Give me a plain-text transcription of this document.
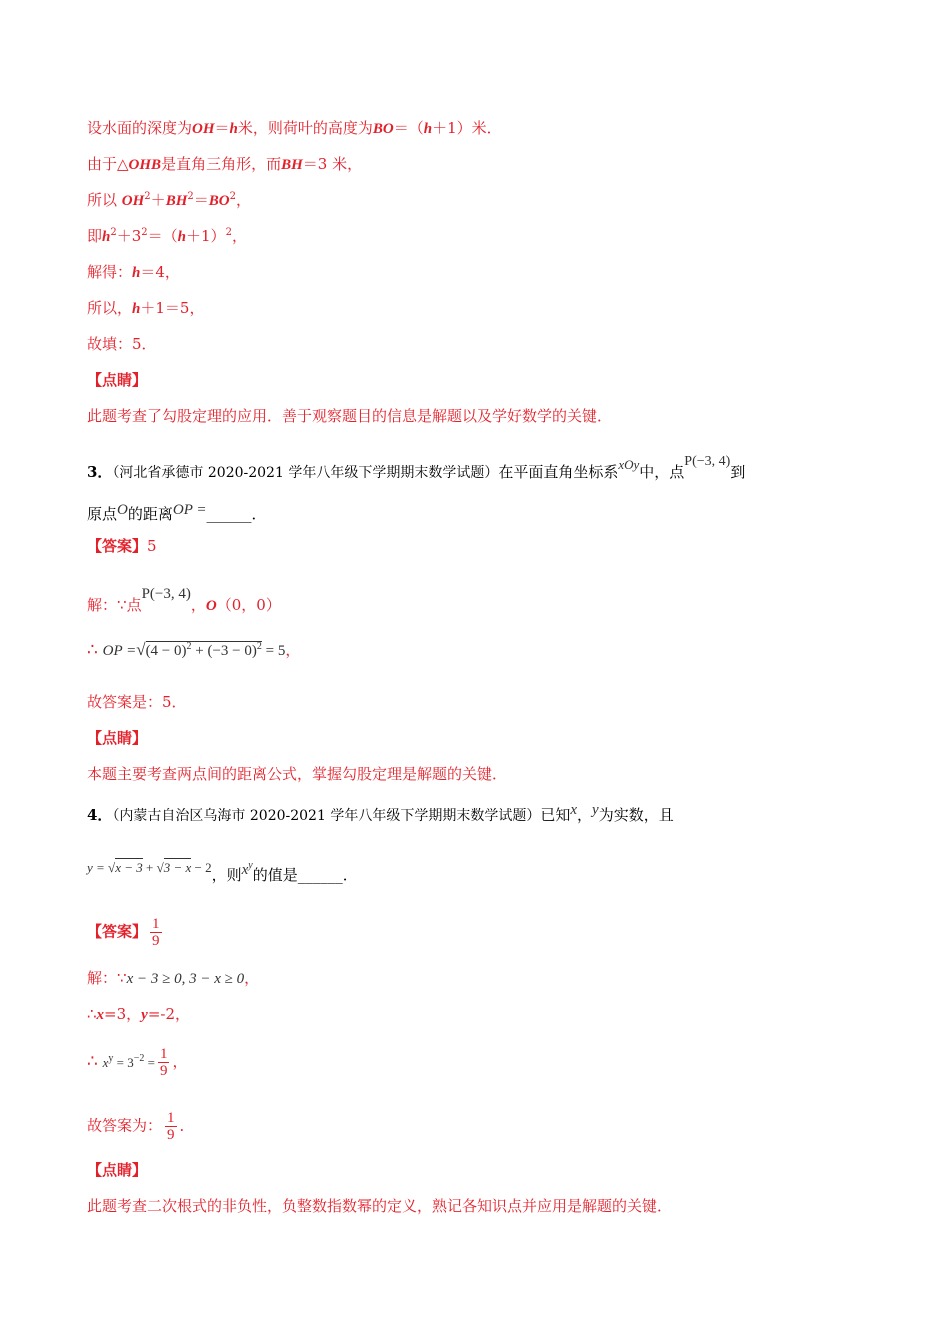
设水面的深度为OH＝h米，则荷叶的高度为BO＝（h＋1）米．
由于△OHB是直角三角形，而BH＝3 米，
所以 $OH^2+BH^2=BO^2$，
即$h^2+3^2=(h+1)^2$，
解得：h＝4，
所以，h＋1＝5，
故填：5．
【点睛】
此题考查了勾股定理的应用．善于观察题目的信息是解题以及学好数学的关键．
3．（河北省承德市 2020-2021 学年八年级下学期期末数学试题）在平面直角坐标系xOy中，点P(−3, 4)到
原点O的距离OP =______．
【答案】5
解：∵点P(−3, 4)，O（0，0）
∴ OP $=√(4 - 0)^2 + (-3 - 0)^2 = 5$，
故答案是：5．
【点睛】
本题主要考查两点间的距离公式，掌握勾股定理是解题的关键．
4．（内蒙古自治区乌海市 2020-2021 学年八年级下学期期末数学试题）已知x，y为实数，且
y = √x − 3 + √3 − x − 2，则$x^y$的值是______．
【答案】 $\frac{1}{9}$
解：∵x − 3 ≥ 0, 3 − x ≥ 0，
∴x=3，y=-2，
∴ $x^y = 3^{-2} = \frac{1}{9}$ ，
故答案为： $\frac{1}{9}$ ．
【点睛】
此题考查二次根式的非负性，负整数指数幂的定义，熟记各知识点并应用是解题的关键．
